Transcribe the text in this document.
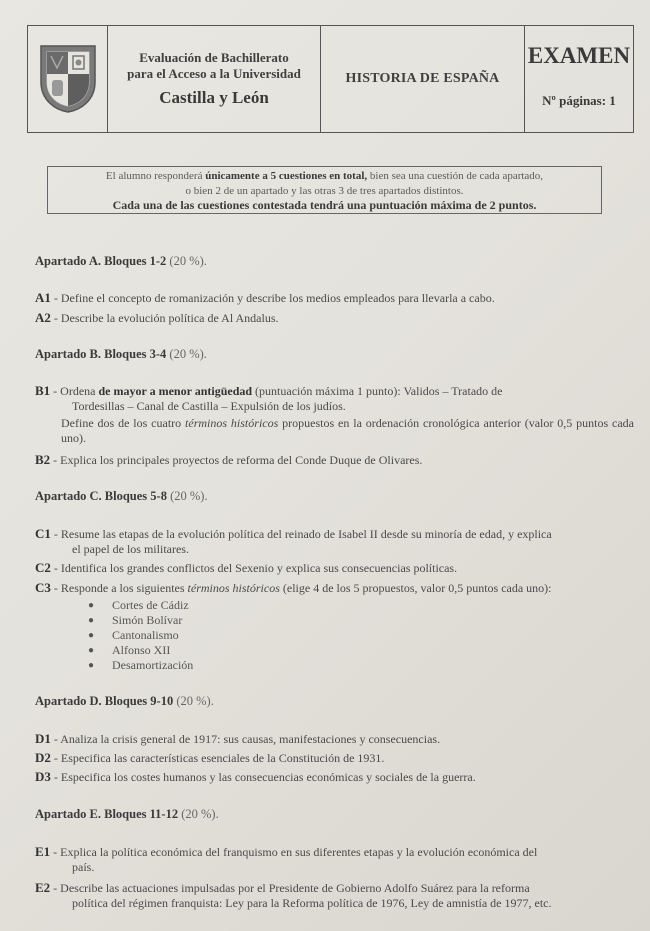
Evaluación de Bachillerato
para el Acceso a la Universidad
Castilla y León
HISTORIA DE ESPAÑA
EXAMEN
Nº páginas: 1
El alumno responderá únicamente a 5 cuestiones en total, bien sea una cuestión de cada apartado,
o bien 2 de un apartado y las otras 3 de tres apartados distintos.
Cada una de las cuestiones contestada tendrá una puntuación máxima de 2 puntos.
Apartado A. Bloques 1-2 (20 %).
A1 - Define el concepto de romanización y describe los medios empleados para llevarla a cabo.
A2 - Describe la evolución política de Al Andalus.
Apartado B. Bloques 3-4 (20 %).
B1 - Ordena de mayor a menor antigüedad (puntuación máxima 1 punto): Validos – Tratado de
Tordesillas – Canal de Castilla – Expulsión de los judíos.
Define dos de los cuatro términos históricos propuestos en la ordenación cronológica anterior (valor 0,5 puntos cada uno).
B2 - Explica los principales proyectos de reforma del Conde Duque de Olivares.
Apartado C. Bloques 5-8 (20 %).
C1 - Resume las etapas de la evolución política del reinado de Isabel II desde su minoría de edad, y explica
el papel de los militares.
C2 - Identifica los grandes conflictos del Sexenio y explica sus consecuencias políticas.
C3 - Responde a los siguientes términos históricos (elige 4 de los 5 propuestos, valor 0,5 puntos cada uno):
●	Cortes de Cádiz
●	Simón Bolívar
●	Cantonalismo
●	Alfonso XII
●	Desamortización
Apartado D. Bloques 9-10 (20 %).
D1 - Analiza la crisis general de 1917: sus causas, manifestaciones y consecuencias.
D2 - Especifica las características esenciales de la Constitución de 1931.
D3 - Especifica los costes humanos y las consecuencias económicas y sociales de la guerra.
Apartado E. Bloques 11-12 (20 %).
E1 - Explica la política económica del franquismo en sus diferentes etapas y la evolución económica del
país.
E2 - Describe las actuaciones impulsadas por el Presidente de Gobierno Adolfo Suárez para la reforma
política del régimen franquista: Ley para la Reforma política de 1976, Ley de amnistía de 1977, etc.
